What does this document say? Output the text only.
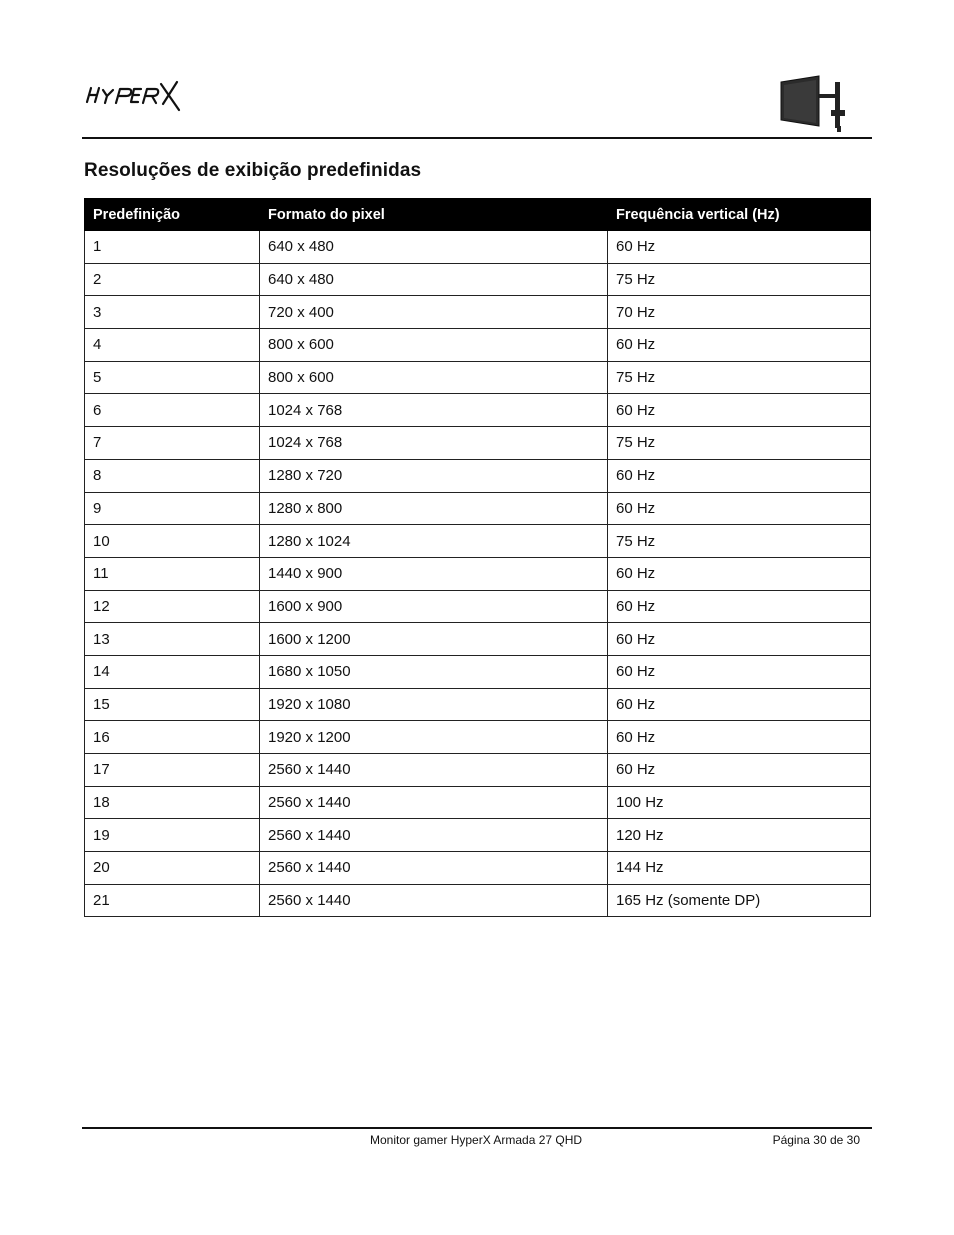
Resoluções de exibição predefinidas
Predefinição	Formato do pixel	Frequência vertical (Hz)
1	640 x 480	60 Hz
2	640 x 480	75 Hz
3	720 x 400	70 Hz
4	800 x 600	60 Hz
5	800 x 600	75 Hz
6	1024 x 768	60 Hz
7	1024 x 768	75 Hz
8	1280 x 720	60 Hz
9	1280 x 800	60 Hz
10	1280 x 1024	75 Hz
11	1440 x 900	60 Hz
12	1600 x 900	60 Hz
13	1600 x 1200	60 Hz
14	1680 x 1050	60 Hz
15	1920 x 1080	60 Hz
16	1920 x 1200	60 Hz
17	2560 x 1440	60 Hz
18	2560 x 1440	100 Hz
19	2560 x 1440	120 Hz
20	2560 x 1440	144 Hz
21	2560 x 1440	165 Hz (somente DP)
Monitor gamer HyperX Armada 27 QHD	Página 30 de 30
